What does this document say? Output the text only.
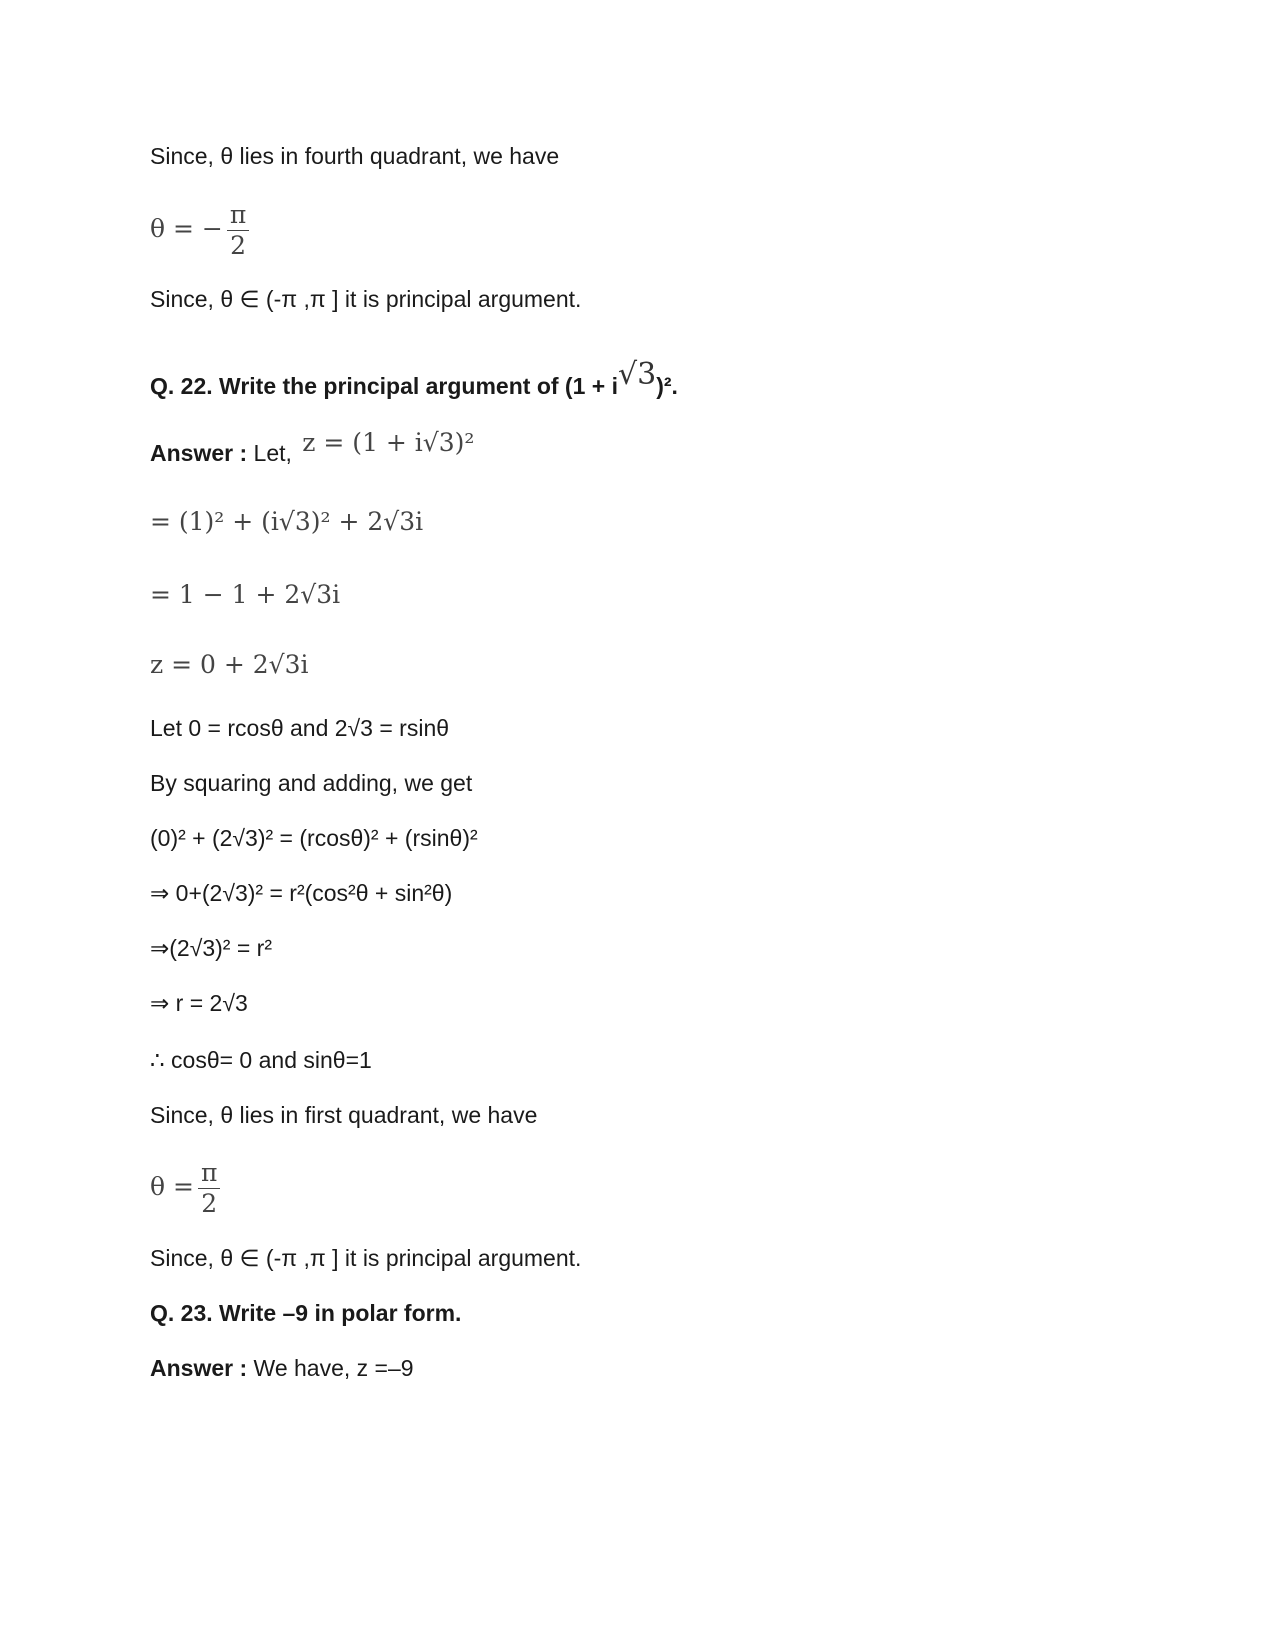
Since, θ lies in fourth quadrant, we have
θ = − $\frac{\pi}{2}$
Since, θ ∈ (-π ,π ] it is principal argument.
Q. 22. Write the principal argument of (1 + i√3)².
Answer : Let, z = (1 + i√3)²
= (1)² + (i√3)² + 2√3i
= 1 − 1 + 2√3i
z = 0 + 2√3i
Let 0 = rcosθ and 2√3 = rsinθ
By squaring and adding, we get
(0)² + (2√3)² = (rcosθ)² + (rsinθ)²
⇒ 0+(2√3)² = r²(cos²θ + sin²θ)
⇒(2√3)² = r²
⇒ r = 2√3
∴ cosθ= 0 and sinθ=1
Since, θ lies in first quadrant, we have
$\theta = \frac{\pi}{2}$
Since, θ ∈ (-π ,π ] it is principal argument.
Q. 23. Write –9 in polar form.
Answer : We have, z =–9
